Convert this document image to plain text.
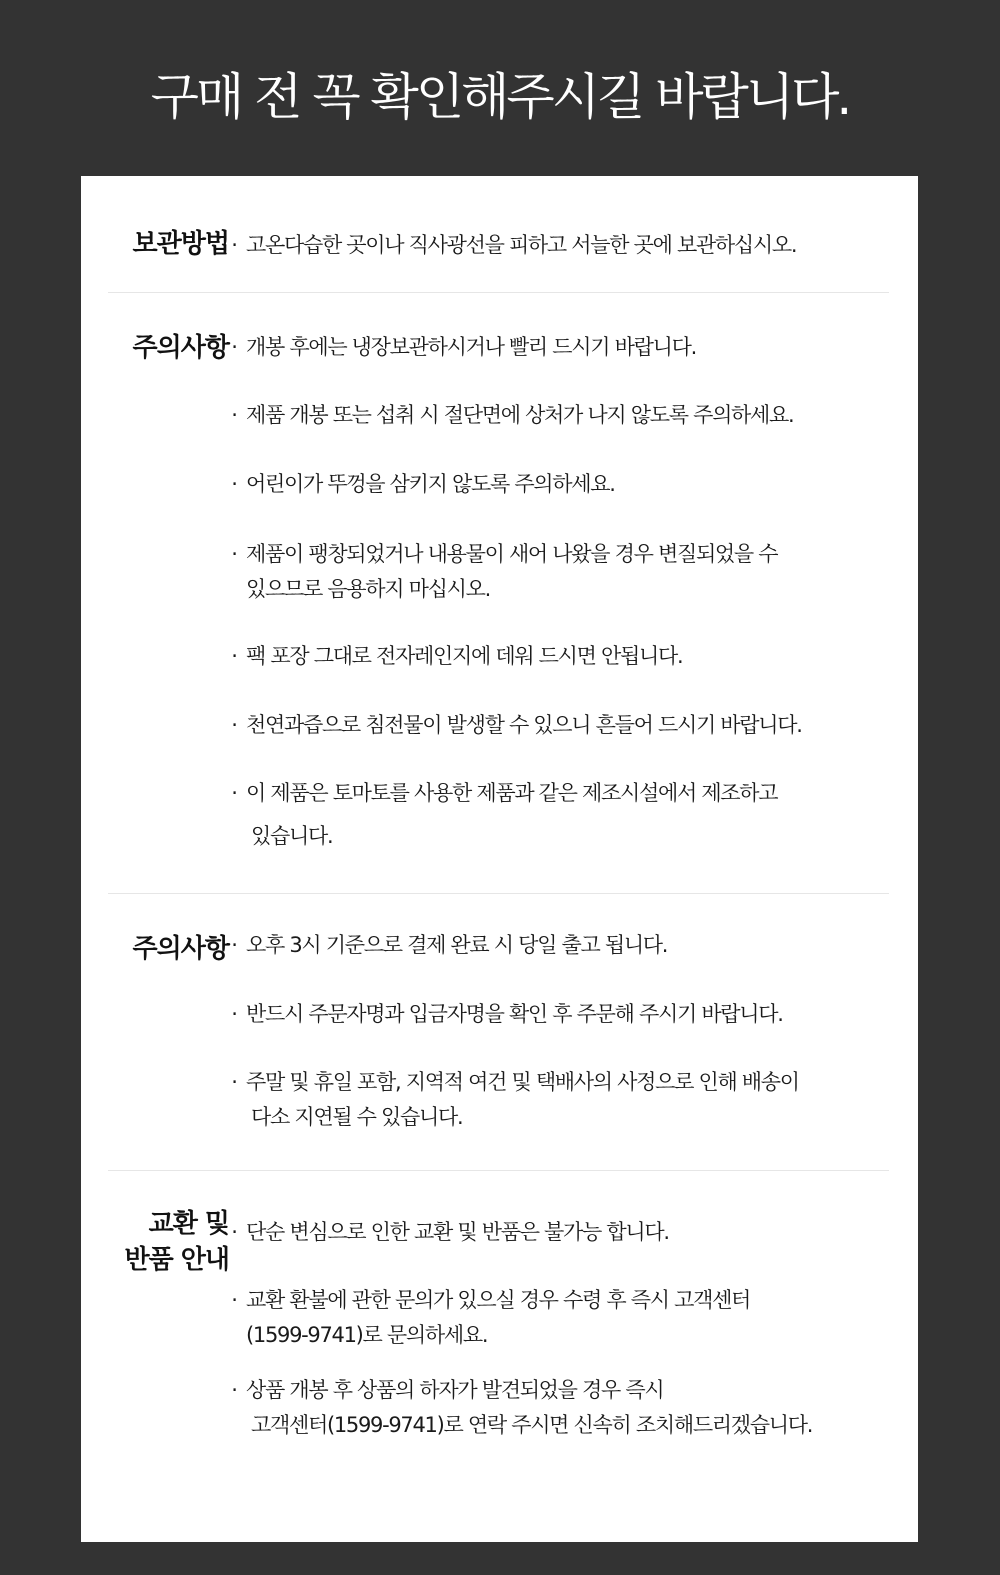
구매 전 꼭 확인해주시길 바랍니다.
보관방법 · 고온다습한 곳이나 직사광선을 피하고 서늘한 곳에 보관하십시오.
주의사항 · 개봉 후에는 냉장보관하시거나 빨리 드시기 바랍니다.
· 제품 개봉 또는 섭취 시 절단면에 상처가 나지 않도록 주의하세요.
· 어린이가 뚜껑을 삼키지 않도록 주의하세요.
· 제품이 팽창되었거나 내용물이 새어 나왔을 경우 변질되었을 수
있으므로 음용하지 마십시오.
· 팩 포장 그대로 전자레인지에 데워 드시면 안됩니다.
· 천연과즙으로 침전물이 발생할 수 있으니 흔들어 드시기 바랍니다.
· 이 제품은 토마토를 사용한 제품과 같은 제조시설에서 제조하고
있습니다.
주의사항 · 오후 3시 기준으로 결제 완료 시 당일 출고 됩니다.
· 반드시 주문자명과 입금자명을 확인 후 주문해 주시기 바랍니다.
· 주말 및 휴일 포함, 지역적 여건 및 택배사의 사정으로 인해 배송이
다소 지연될 수 있습니다.
교환 및
반품 안내
· 단순 변심으로 인한 교환 및 반품은 불가능 합니다.
· 교환 환불에 관한 문의가 있으실 경우 수령 후 즉시 고객센터
(1599-9741)로 문의하세요.
· 상품 개봉 후 상품의 하자가 발견되었을 경우 즉시
고객센터(1599-9741)로 연락 주시면 신속히 조치해드리겠습니다.
